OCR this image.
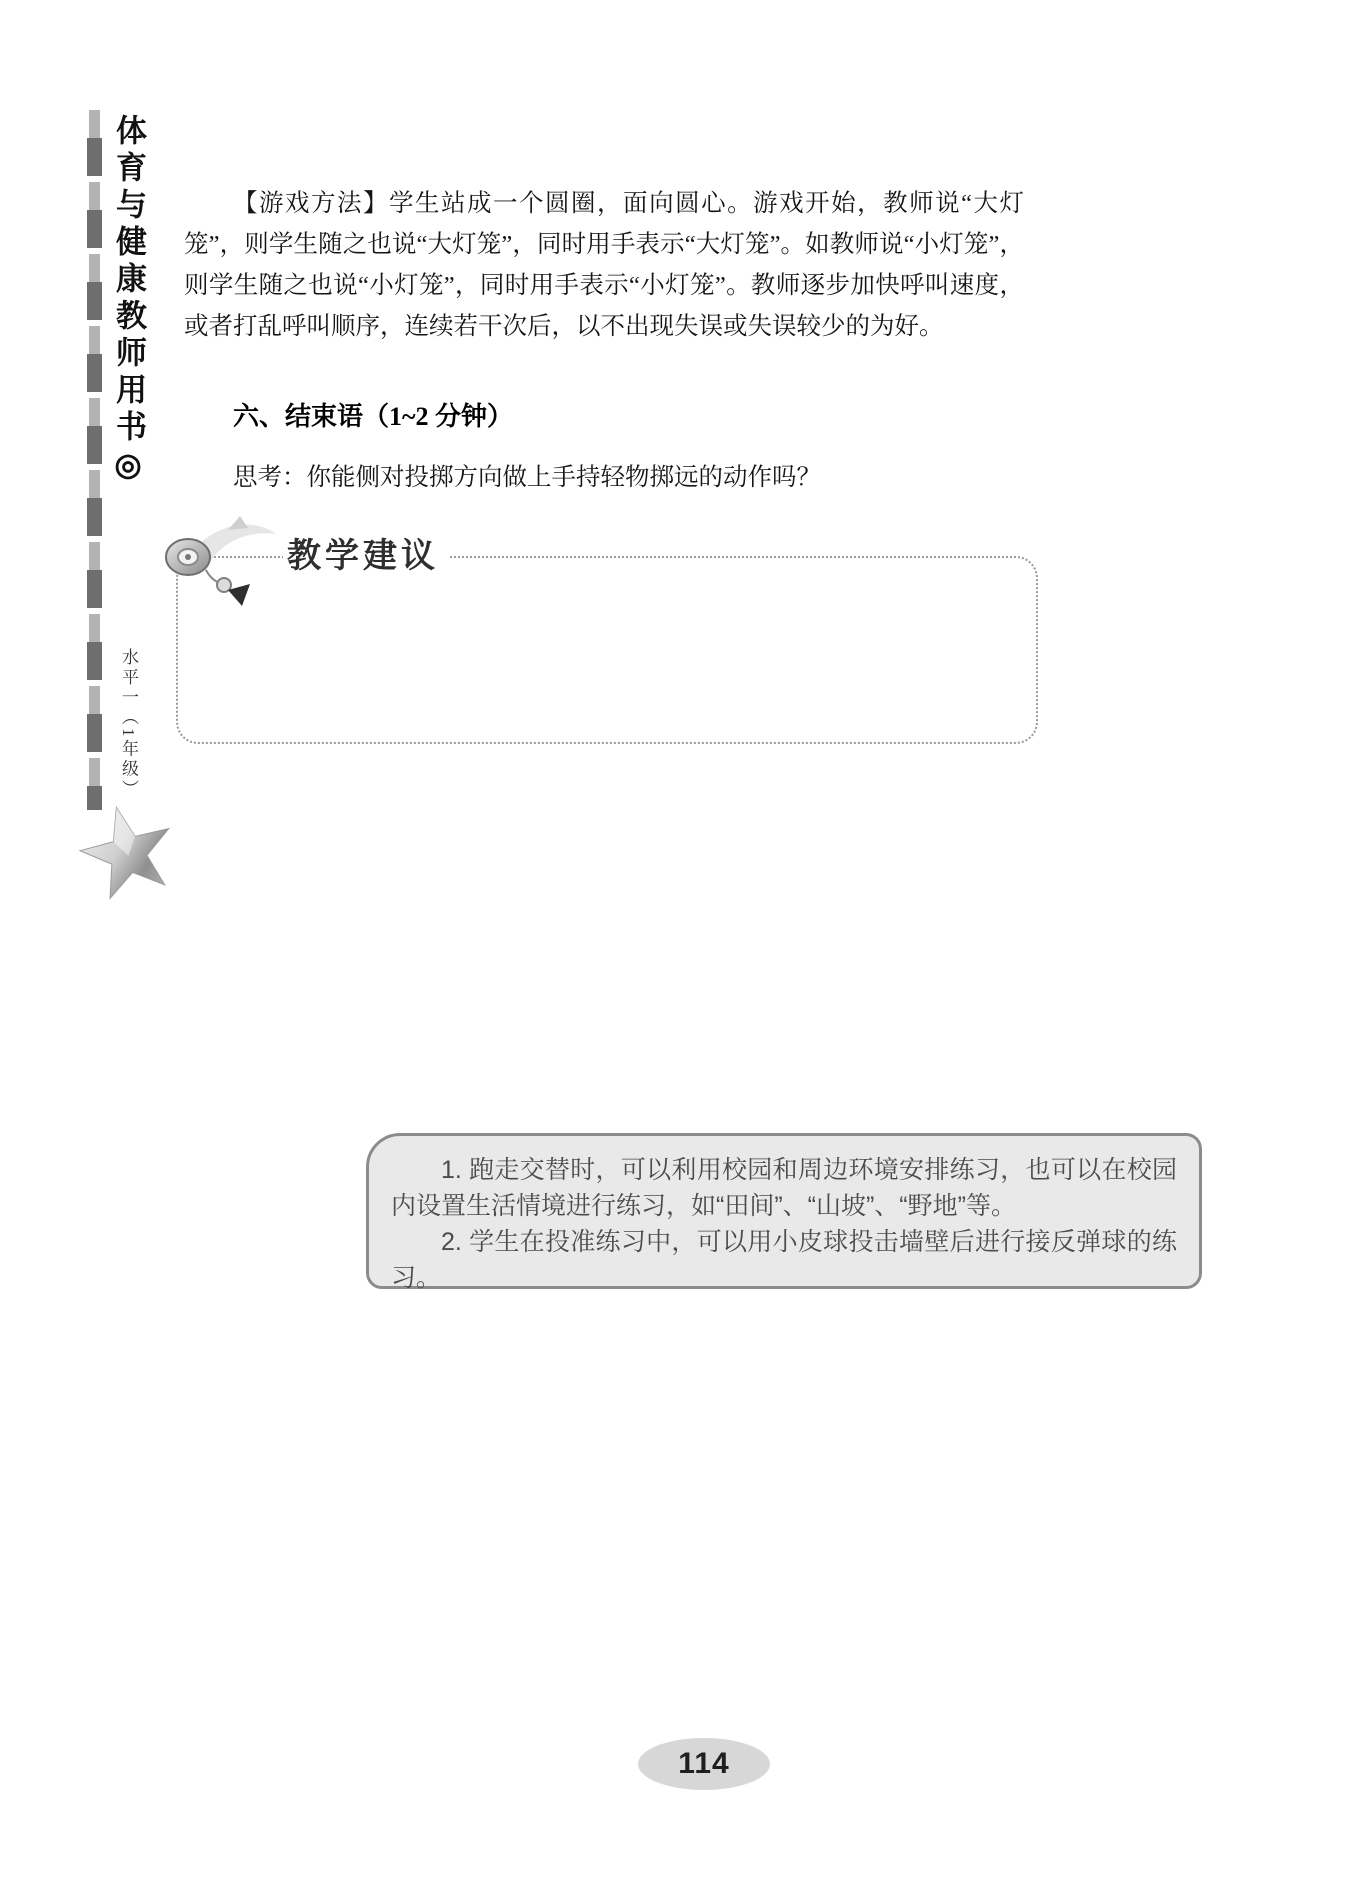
体育与健康教师用书◎
水平一（1年级）

【游戏方法】学生站成一个圆圈，面向圆心。游戏开始，教师说“大灯笼”，则学生随之也说“大灯笼”，同时用手表示“大灯笼”。如教师说“小灯笼”，则学生随之也说“小灯笼”，同时用手表示“小灯笼”。教师逐步加快呼叫速度，或者打乱呼叫顺序，连续若干次后，以不出现失误或失误较少的为好。

六、结束语（1~2 分钟）
思考：你能侧对投掷方向做上手持轻物掷远的动作吗？

1. 跑走交替时，可以利用校园和周边环境安排练习，也可以在校园内设置生活情境进行练习，如“田间”、“山坡”、“野地”等。

2. 学生在投准练习中，可以用小皮球投击墙壁后进行接反弹球的练习。

教学建议
114
